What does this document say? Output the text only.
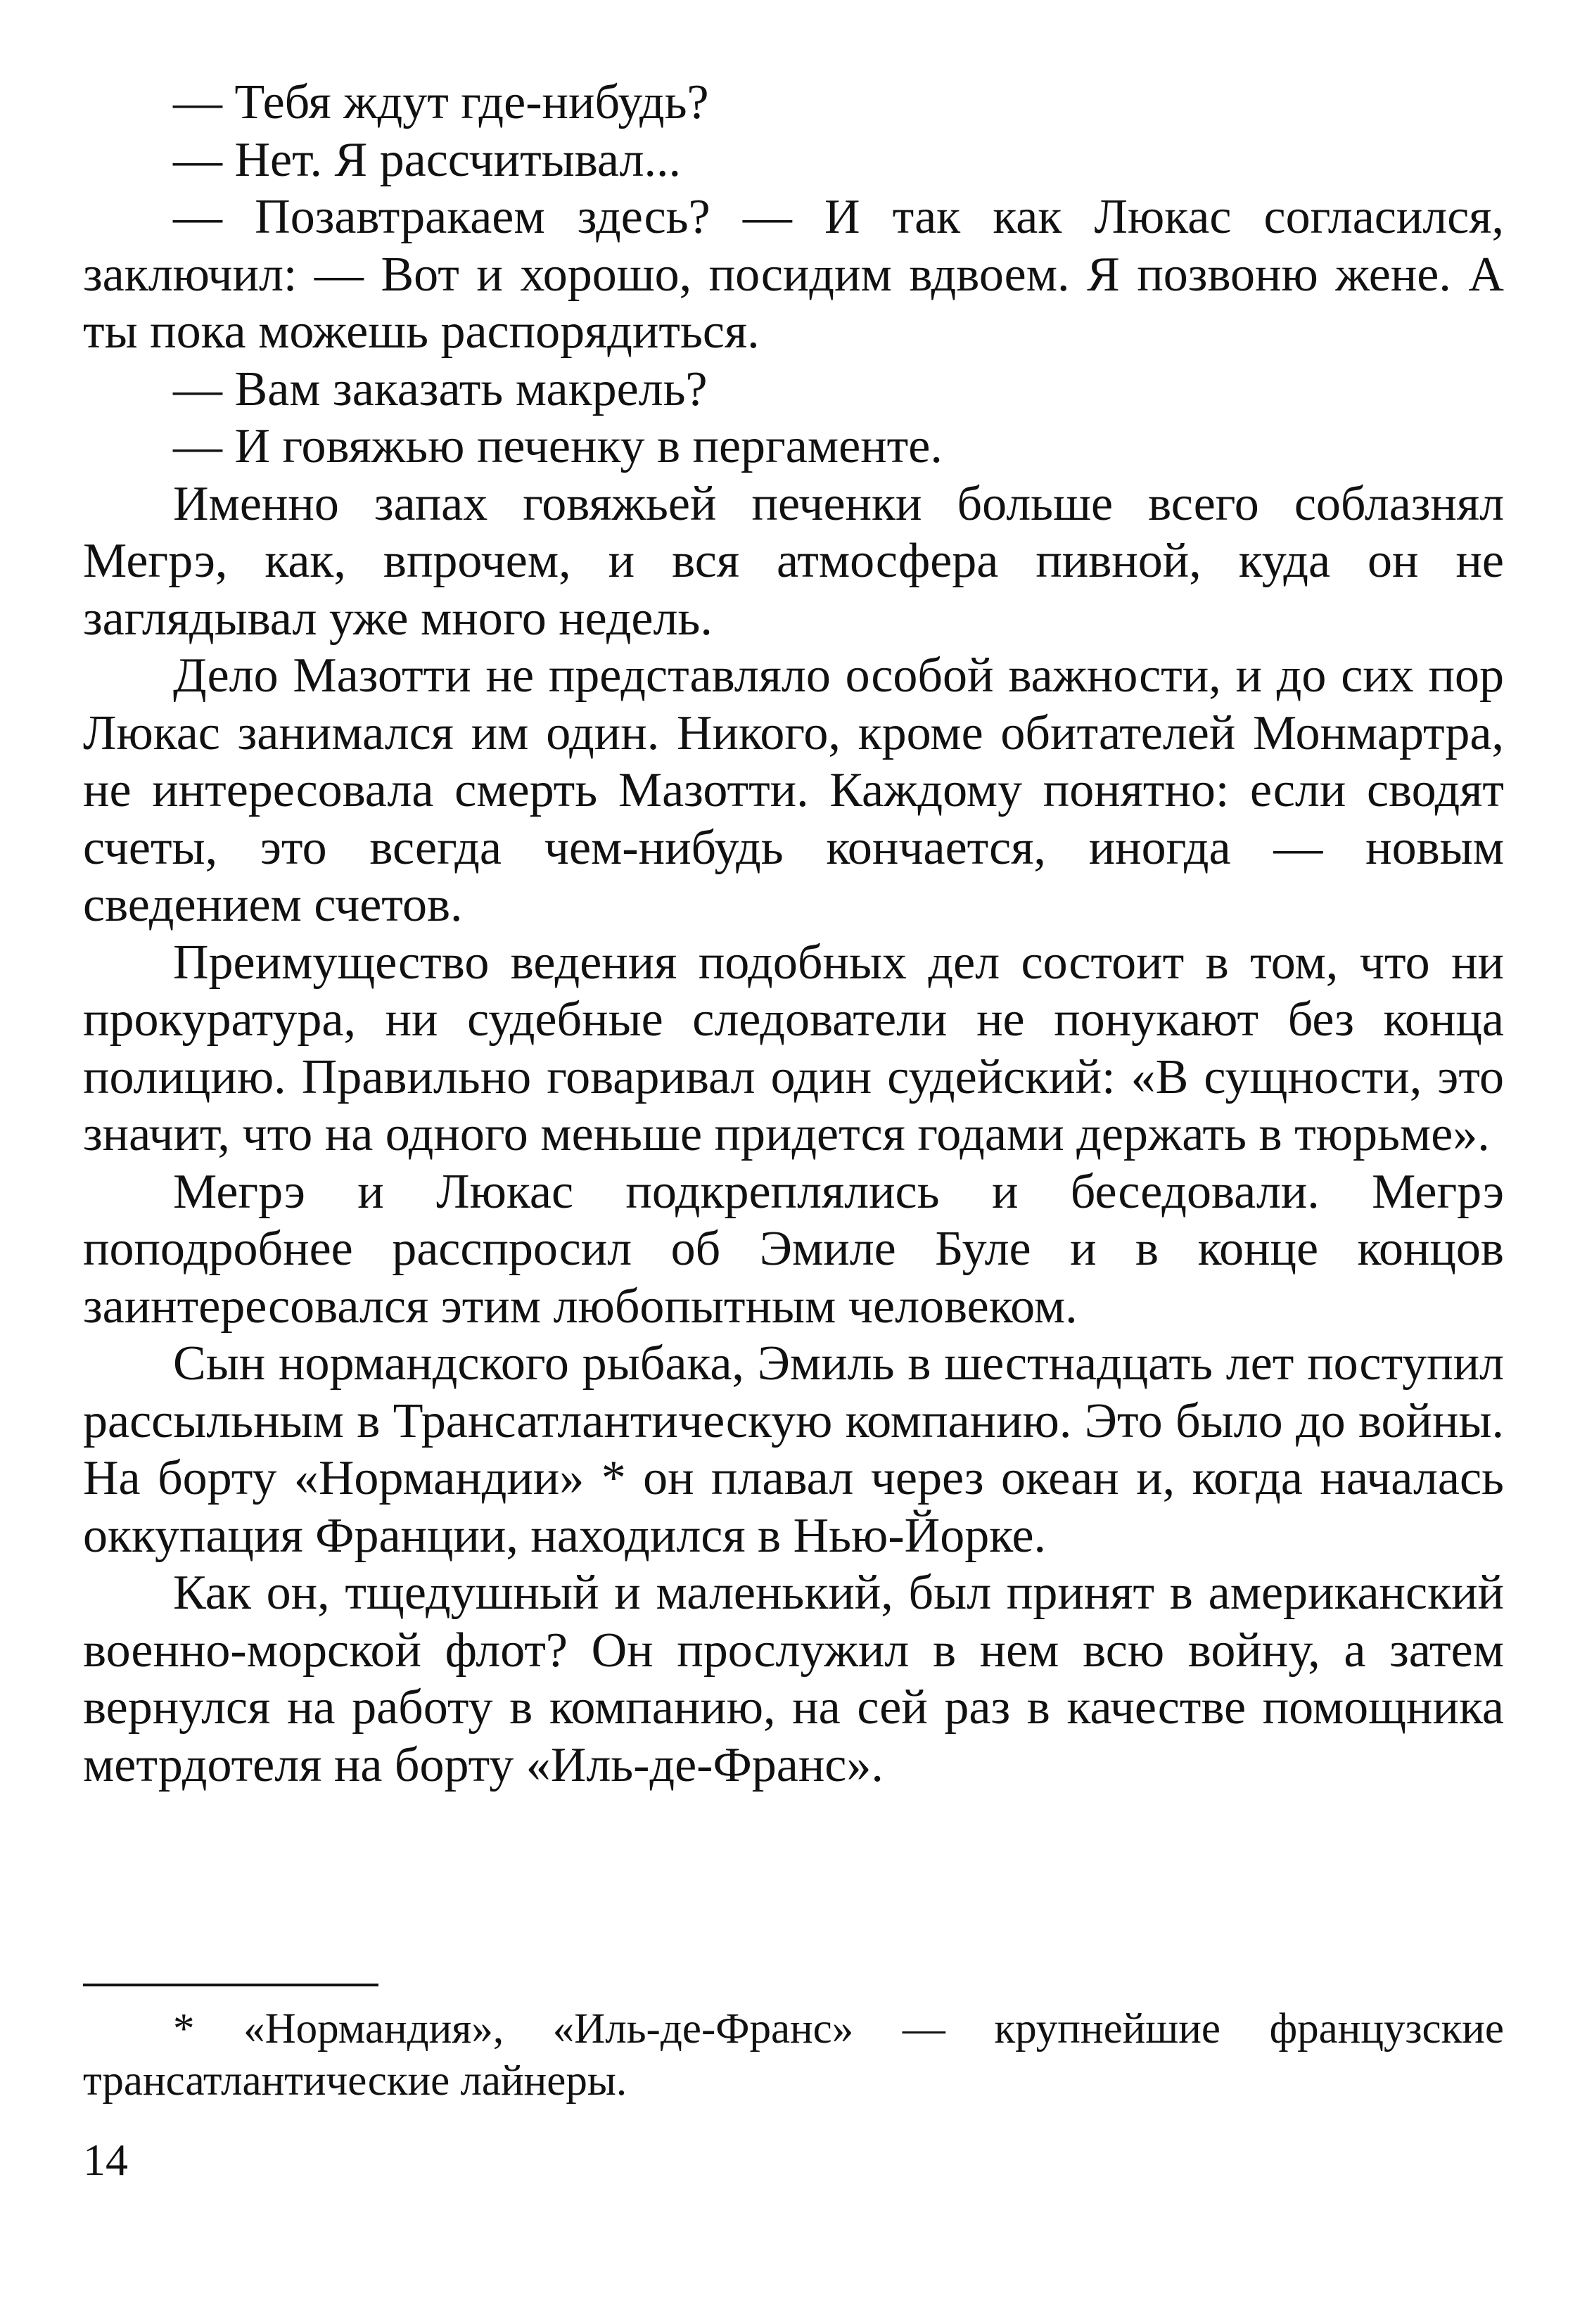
— Тебя ждут где-нибудь?

— Нет. Я рассчитывал...

— Позавтракаем здесь? — И так как Люкас согласился, заключил: — Вот и хорошо, посидим вдвоем. Я позвоню жене. А ты пока можешь распорядиться.

— Вам заказать макрель?

— И говяжью печенку в пергаменте.

Именно запах говяжьей печенки больше всего соблазнял Мегрэ, как, впрочем, и вся атмосфера пивной, куда он не заглядывал уже много недель.

Дело Мазотти не представляло особой важности, и до сих пор Люкас занимался им один. Никого, кроме обитателей Монмартра, не интересовала смерть Мазотти. Каждому понятно: если сводят счеты, это всегда чем-нибудь кончается, иногда — новым сведением счетов.

Преимущество ведения подобных дел состоит в том, что ни прокуратура, ни судебные следователи не понукают без конца полицию. Правильно говаривал один судейский: «В сущности, это значит, что на одного меньше придется годами держать в тюрьме».

Мегрэ и Люкас подкреплялись и беседовали. Мегрэ поподробнее расспросил об Эмиле Буле и в конце концов заинтересовался этим любопытным человеком.

Сын нормандского рыбака, Эмиль в шестнадцать лет поступил рассыльным в Трансатлантическую компанию. Это было до войны. На борту «Нормандии» * он плавал через океан и, когда началась оккупация Франции, находился в Нью-Йорке.

Как он, тщедушный и маленький, был принят в американский военно-морской флот? Он прослужил в нем всю войну, а затем вернулся на работу в компанию, на сей раз в качестве помощника метрдотеля на борту «Иль-де-Франс».

* «Нормандия», «Иль-де-Франс» — крупнейшие французские трансатлантические лайнеры.

14
